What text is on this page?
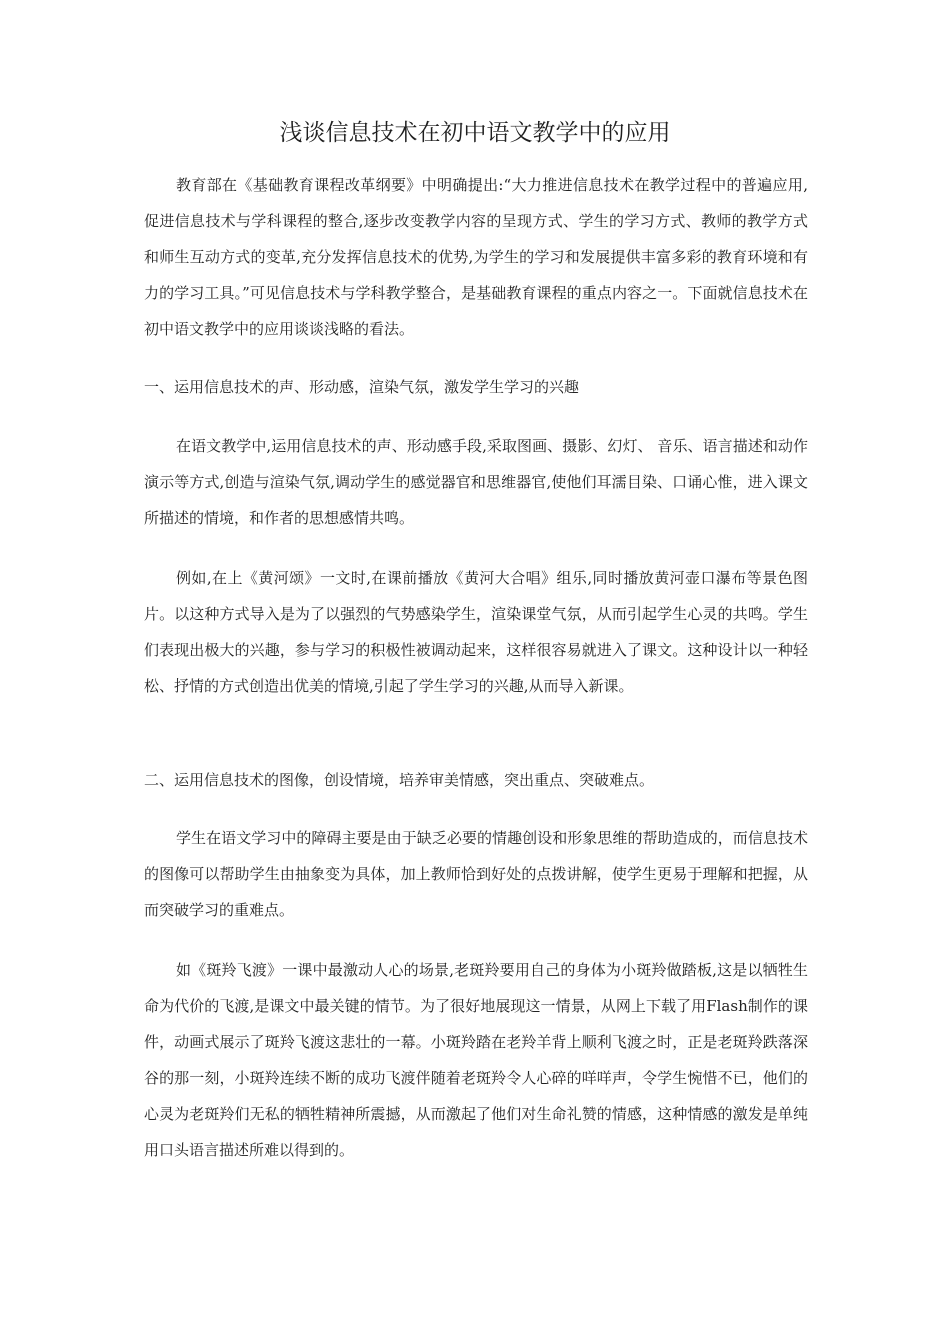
浅谈信息技术在初中语文教学中的应用

教育部在《基础教育课程改革纲要》中明确提出:“大力推进信息技术在教学过程中的普遍应用,促进信息技术与学科课程的整合,逐步改变教学内容的呈现方式、学生的学习方式、教师的教学方式和师生互动方式的变革,充分发挥信息技术的优势,为学生的学习和发展提供丰富多彩的教育环境和有力的学习工具。”可见信息技术与学科教学整合，是基础教育课程的重点内容之一。下面就信息技术在初中语文教学中的应用谈谈浅略的看法。

一、运用信息技术的声、形动感，渲染气氛，激发学生学习的兴趣

在语文教学中,运用信息技术的声、形动感手段,采取图画、摄影、幻灯、 音乐、语言描述和动作演示等方式,创造与渲染气氛,调动学生的感觉器官和思维器官,使他们耳濡目染、口诵心惟，进入课文所描述的情境，和作者的思想感情共鸣。

例如,在上《黄河颂》一文时,在课前播放《黄河大合唱》组乐,同时播放黄河壶口瀑布等景色图片。以这种方式导入是为了以强烈的气势感染学生，渲染课堂气氛，从而引起学生心灵的共鸣。学生们表现出极大的兴趣，参与学习的积极性被调动起来，这样很容易就进入了课文。这种设计以一种轻松、抒情的方式创造出优美的情境,引起了学生学习的兴趣,从而导入新课。

二、运用信息技术的图像，创设情境，培养审美情感，突出重点、突破难点。

学生在语文学习中的障碍主要是由于缺乏必要的情趣创设和形象思维的帮助造成的，而信息技术的图像可以帮助学生由抽象变为具体，加上教师恰到好处的点拨讲解，使学生更易于理解和把握，从而突破学习的重难点。

如《斑羚飞渡》一课中最激动人心的场景,老斑羚要用自己的身体为小斑羚做踏板,这是以牺牲生命为代价的飞渡,是课文中最关键的情节。为了很好地展现这一情景，从网上下载了用Flash制作的课件，动画式展示了斑羚飞渡这悲壮的一幕。小斑羚踏在老羚羊背上顺利飞渡之时，正是老斑羚跌落深谷的那一刻，小斑羚连续不断的成功飞渡伴随着老斑羚令人心碎的咩咩声，令学生惋惜不已，他们的心灵为老斑羚们无私的牺牲精神所震撼，从而激起了他们对生命礼赞的情感，这种情感的激发是单纯用口头语言描述所难以得到的。
